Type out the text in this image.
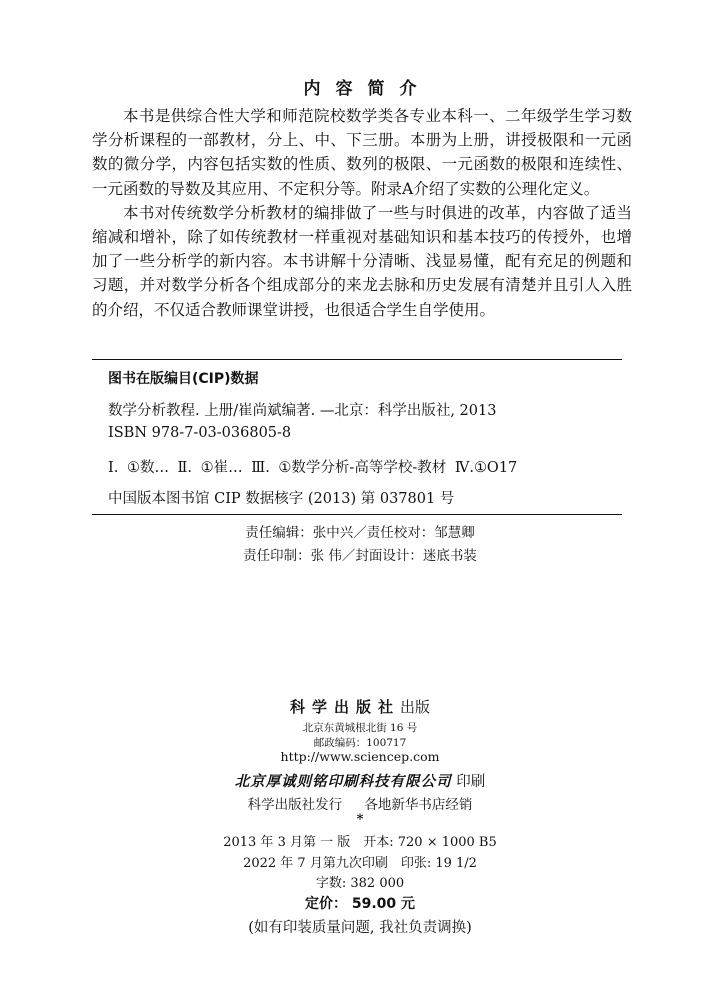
内容简介

本书是供综合性大学和师范院校数学类各专业本科一、二年级学生学习数学分析课程的一部教材，分上、中、下三册。本册为上册，讲授极限和一元函数的微分学，内容包括实数的性质、数列的极限、一元函数的极限和连续性、一元函数的导数及其应用、不定积分等。附录A介绍了实数的公理化定义。

本书对传统数学分析教材的编排做了一些与时俱进的改革，内容做了适当缩减和增补，除了如传统教材一样重视对基础知识和基本技巧的传授外，也增加了一些分析学的新内容。本书讲解十分清晰、浅显易懂，配有充足的例题和习题，并对数学分析各个组成部分的来龙去脉和历史发展有清楚并且引人入胜的介绍，不仅适合教师课堂讲授，也很适合学生自学使用。

图书在版编目(CIP)数据
数学分析教程. 上册/崔尚斌编著. —北京：科学出版社, 2013
ISBN 978-7-03-036805-8
Ⅰ. ①数… Ⅱ. ①崔… Ⅲ. ①数学分析-高等学校-教材 Ⅳ.①O17
中国版本图书馆 CIP 数据核字 (2013) 第 037801 号
责任编辑：张中兴／责任校对：邹慧卿
责任印制：张 伟／封面设计：迷底书装
科学出版社出版
北京东黄城根北街 16 号
邮政编码：100717
http://www.sciencep.com
北京厚诚则铭印刷科技有限公司 印刷
科学出版社发行 各地新华书店经销
*
2013 年 3 月第 一 版　开本: 720 × 1000 B5
2022 年 7 月第九次印刷　印张: 19 1/2
字数: 382 000
定价： 59.00 元
(如有印装质量问题, 我社负责调换)
